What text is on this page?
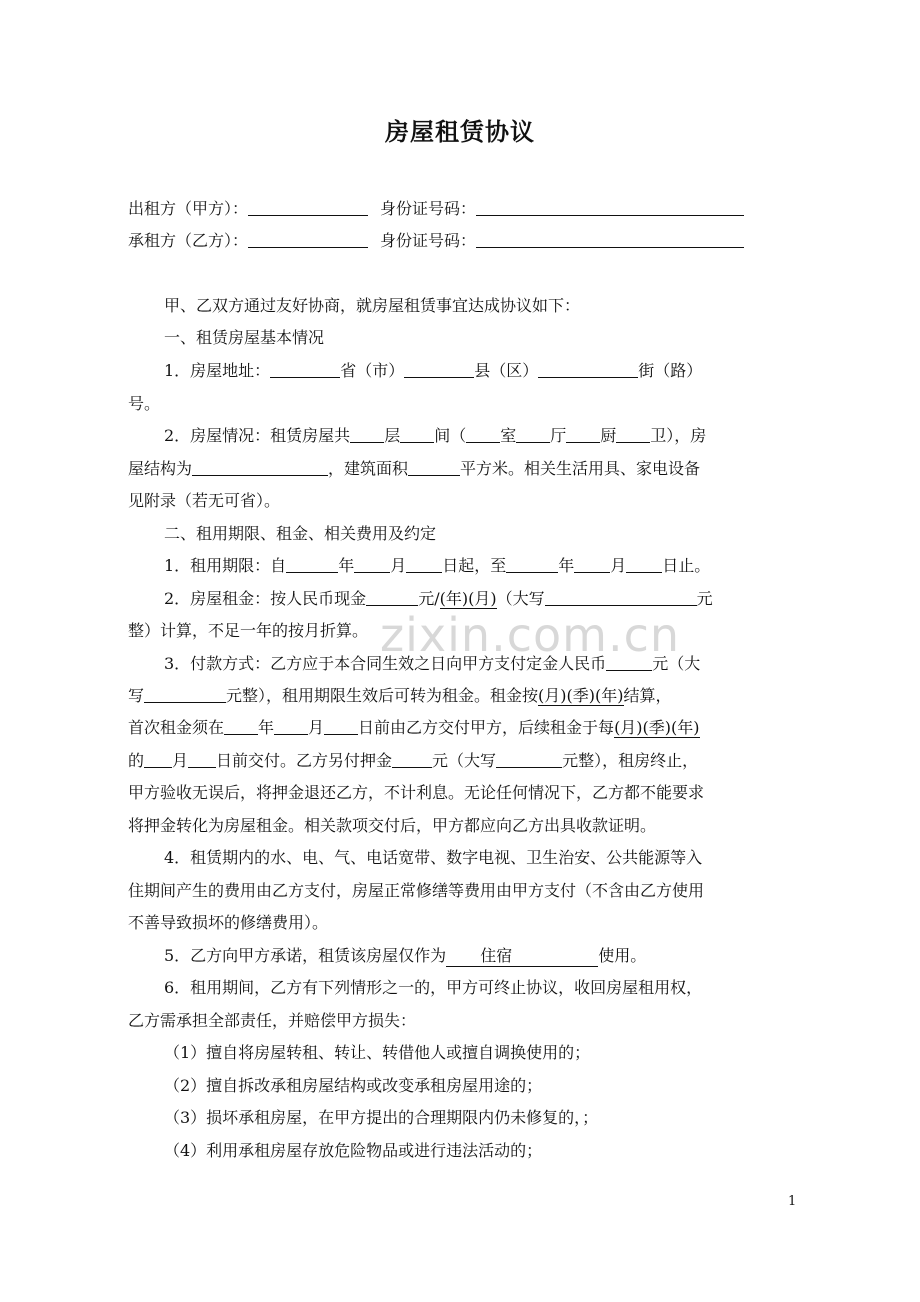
房屋租赁协议
出租方（甲方）：	身份证号码：
承租方（乙方）：	身份证号码：
甲、乙双方通过友好协商，就房屋租赁事宜达成协议如下：
一、租赁房屋基本情况
1．房屋地址：	省（市）	县（区）	街（路）
号。
2．房屋情况：租赁房屋共 层 间（ 室 厅 厨 卫），房
屋结构为	，建筑面积	平方米。相关生活用具、家电设备
见附录（若无可省）。
二、租用期限、租金、相关费用及约定
1．租用期限：自	年 月 日起，至	年 月 日止。
2．房屋租金：按人民币现金	元/(年)(月)（大写	元
整）计算，不足一年的按月折算。
3．付款方式：乙方应于本合同生效之日向甲方支付定金人民币	元（大
写	元整），租用期限生效后可转为租金。租金按(月)(季)(年)结算，
首次租金须在 年 月 日前由乙方交付甲方，后续租金于每(月)(季)(年)
的 月 日前交付。乙方另付押金	元（大写	元整），租房终止，
甲方验收无误后，将押金退还乙方，不计利息。无论任何情况下，乙方都不能要求
将押金转化为房屋租金。相关款项交付后，甲方都应向乙方出具收款证明。
4．租赁期内的水、电、气、电话宽带、数字电视、卫生治安、公共能源等入
住期间产生的费用由乙方支付，房屋正常修缮等费用由甲方支付（不含由乙方使用
不善导致损坏的修缮费用）。
5．乙方向甲方承诺，租赁该房屋仅作为 住宿	使用。
6．租用期间，乙方有下列情形之一的，甲方可终止协议，收回房屋租用权，
乙方需承担全部责任，并赔偿甲方损失：
（1）擅自将房屋转租、转让、转借他人或擅自调换使用的；
（2）擅自拆改承租房屋结构或改变承租房屋用途的；
（3）损坏承租房屋，在甲方提出的合理期限内仍未修复的，；
（4）利用承租房屋存放危险物品或进行违法活动的；
zixin.com.cn
1
